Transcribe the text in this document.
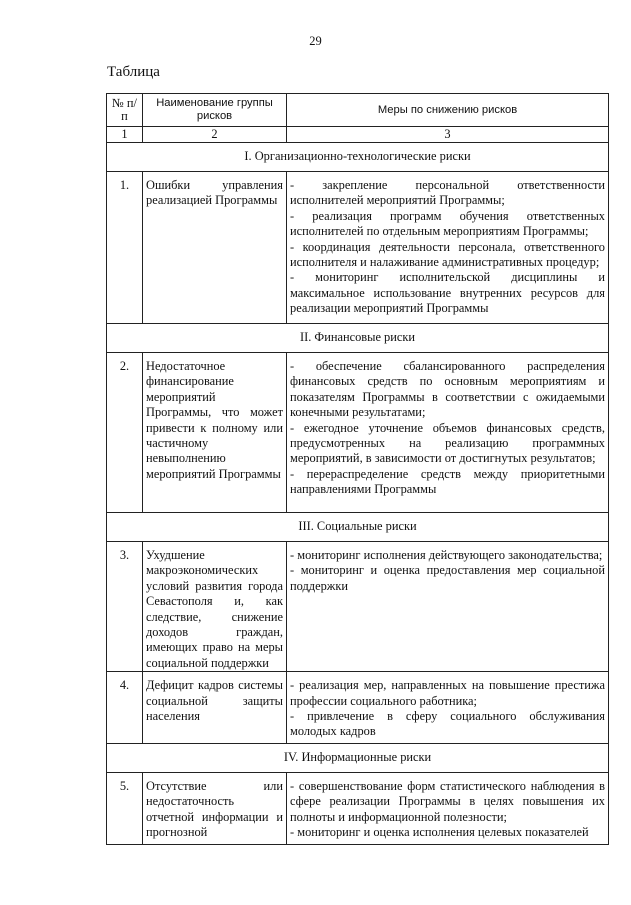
29
Таблица
№ п/п	Наименование группы рисков	Меры по снижению рисков
1	2	3
I. Организационно-технологические риски		
1.	Ошибки управления реализацией Программы	- закрепление персональной ответственности исполнителей мероприятий Программы;
- реализация программ обучения ответственных исполнителей по отдельным мероприятиям Программы;
- координация деятельности персонала, ответственного исполнителя и налаживание административных процедур;
- мониторинг исполнительской дисциплины и максимальное использование внутренних ресурсов для реализации мероприятий Программы

II. Финансовые риски		
2.	Недостаточное финансирование мероприятий Программы, что может привести к полному или частичному невыполнению мероприятий Программы	- обеспечение сбалансированного распределения финансовых средств по основным мероприятиям и показателям Программы в соответствии с ожидаемыми конечными результатами;
- ежегодное уточнение объемов финансовых средств, предусмотренных на реализацию программных мероприятий, в зависимости от достигнутых результатов;
- перераспределение средств между приоритетными направлениями Программы

III. Социальные риски		
3.	Ухудшение макроэкономических условий развития города Севастополя и, как следствие, снижение доходов граждан, имеющих право на меры социальной поддержки	- мониторинг исполнения действующего законодательства;
- мониторинг и оценка предоставления мер социальной поддержки

4.	Дефицит кадров системы социальной защиты населения	- реализация мер, направленных на повышение престижа профессии социального работника;
- привлечение в сферу социального обслуживания молодых кадров

IV. Информационные риски		
5.	Отсутствие или недостаточность отчетной информации и прогнозной	- совершенствование форм статистического наблюдения в сфере реализации Программы в целях повышения их полноты и информационной полезности;
- мониторинг и оценка исполнения целевых показателей
